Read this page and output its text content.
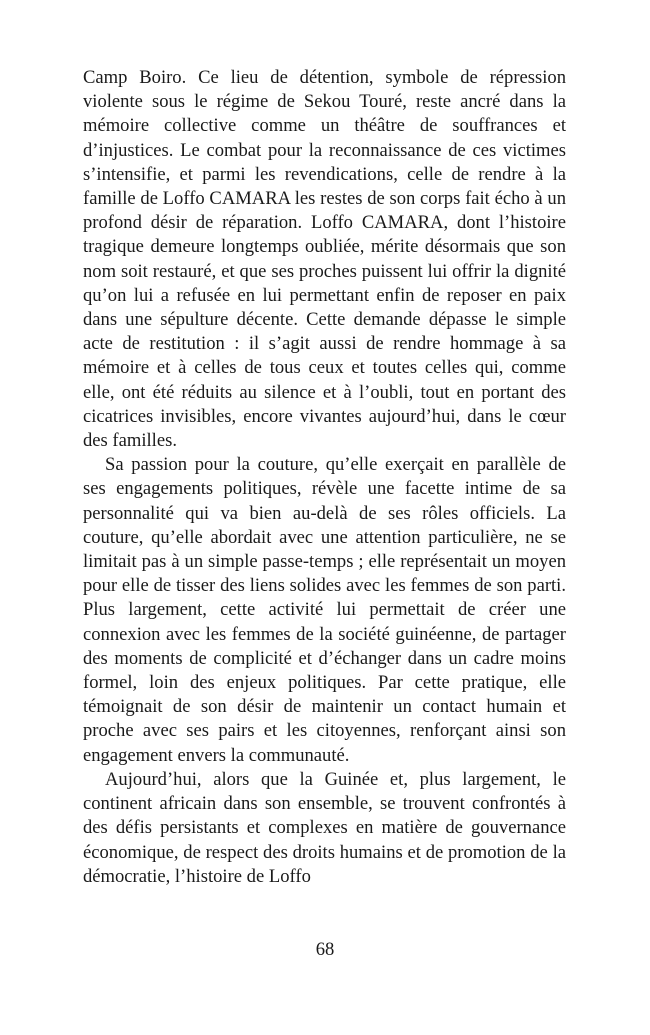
Camp Boiro. Ce lieu de détention, symbole de répression violente sous le régime de Sekou Touré, reste ancré dans la mémoire collective comme un théâtre de souffrances et d’injustices. Le combat pour la reconnaissance de ces victimes s’intensifie, et parmi les revendications, celle de rendre à la famille de Loffo CAMARA les restes de son corps fait écho à un profond désir de réparation. Loffo CAMARA, dont l’histoire tragique demeure longtemps oubliée, mérite désormais que son nom soit restauré, et que ses proches puissent lui offrir la dignité qu’on lui a refusée en lui permettant enfin de reposer en paix dans une sépulture décente. Cette demande dépasse le simple acte de restitution : il s’agit aussi de rendre hommage à sa mémoire et à celles de tous ceux et toutes celles qui, comme elle, ont été réduits au silence et à l’oubli, tout en portant des cicatrices invisibles, encore vivantes aujourd’hui, dans le cœur des familles.

Sa passion pour la couture, qu’elle exerçait en parallèle de ses engagements politiques, révèle une facette intime de sa personnalité qui va bien au-delà de ses rôles officiels. La couture, qu’elle abordait avec une attention particulière, ne se limitait pas à un simple passe-temps ; elle représentait un moyen pour elle de tisser des liens solides avec les femmes de son parti. Plus largement, cette activité lui permettait de créer une connexion avec les femmes de la société guinéenne, de partager des moments de complicité et d’échanger dans un cadre moins formel, loin des enjeux politiques. Par cette pratique, elle témoignait de son désir de maintenir un contact humain et proche avec ses pairs et les citoyennes, renforçant ainsi son engagement envers la communauté.

Aujourd’hui, alors que la Guinée et, plus largement, le continent africain dans son ensemble, se trouvent confrontés à des défis persistants et complexes en matière de gouvernance économique, de respect des droits humains et de promotion de la démocratie, l’histoire de Loffo

68
